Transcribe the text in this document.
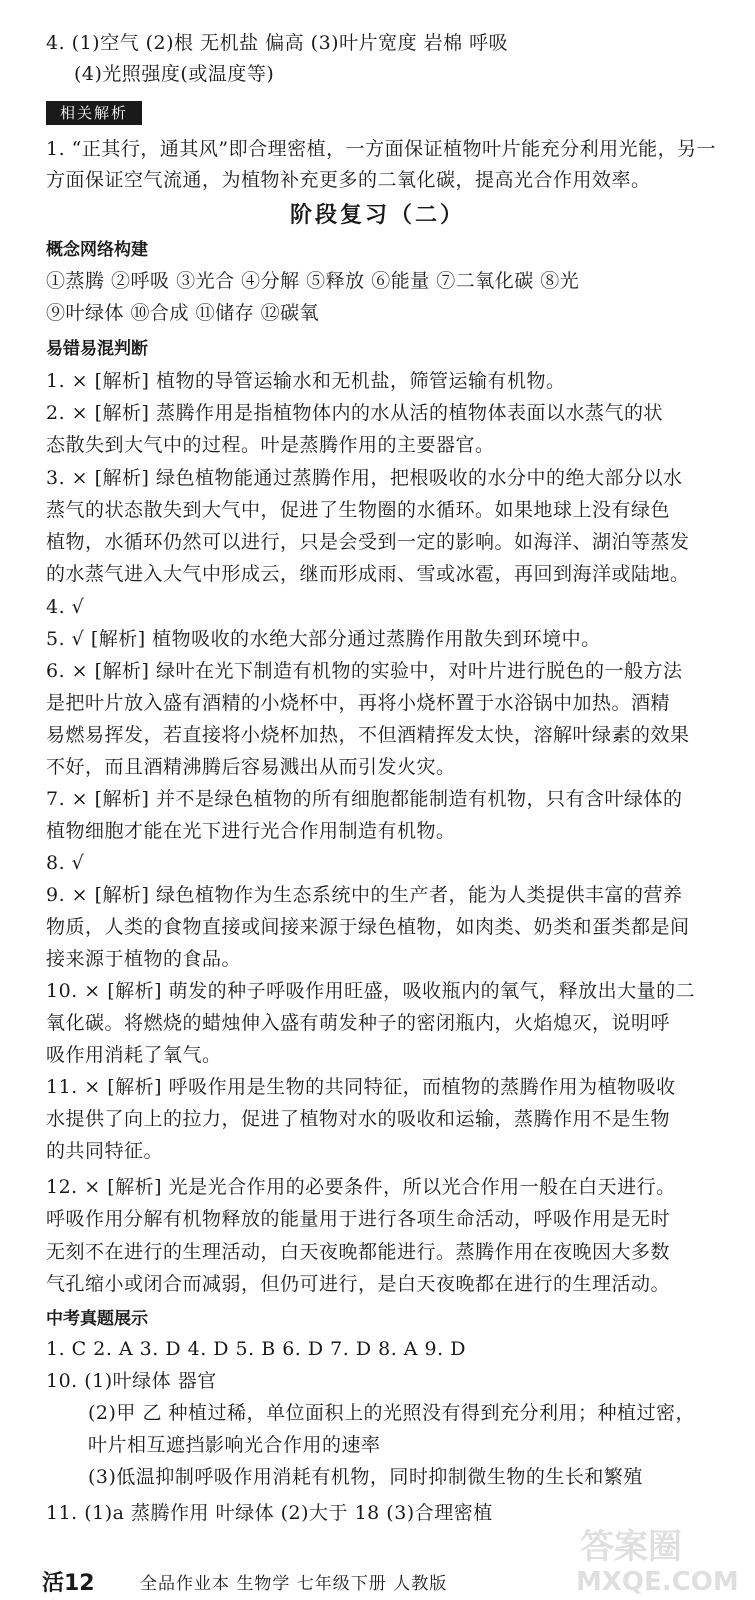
4. (1)空气 (2)根 无机盐 偏高 (3)叶片宽度 岩棉 呼吸
(4)光照强度(或温度等)
相关解析
1. “正其行，通其风”即合理密植，一方面保证植物叶片能充分利用光能，另一
方面保证空气流通，为植物补充更多的二氧化碳，提高光合作用效率。
阶段复习（二）
概念网络构建
①蒸腾 ②呼吸 ③光合 ④分解 ⑤释放 ⑥能量 ⑦二氧化碳 ⑧光
⑨叶绿体 ⑩合成 ⑪储存 ⑫碳氧
易错易混判断
1. × [解析] 植物的导管运输水和无机盐，筛管运输有机物。
2. × [解析] 蒸腾作用是指植物体内的水从活的植物体表面以水蒸气的状
态散失到大气中的过程。叶是蒸腾作用的主要器官。
3. × [解析] 绿色植物能通过蒸腾作用，把根吸收的水分中的绝大部分以水
蒸气的状态散失到大气中，促进了生物圈的水循环。如果地球上没有绿色
植物，水循环仍然可以进行，只是会受到一定的影响。如海洋、湖泊等蒸发
的水蒸气进入大气中形成云，继而形成雨、雪或冰雹，再回到海洋或陆地。
4. √
5. √ [解析] 植物吸收的水绝大部分通过蒸腾作用散失到环境中。
6. × [解析] 绿叶在光下制造有机物的实验中，对叶片进行脱色的一般方法
是把叶片放入盛有酒精的小烧杯中，再将小烧杯置于水浴锅中加热。酒精
易燃易挥发，若直接将小烧杯加热，不但酒精挥发太快，溶解叶绿素的效果
不好，而且酒精沸腾后容易溅出从而引发火灾。
7. × [解析] 并不是绿色植物的所有细胞都能制造有机物，只有含叶绿体的
植物细胞才能在光下进行光合作用制造有机物。
8. √
9. × [解析] 绿色植物作为生态系统中的生产者，能为人类提供丰富的营养
物质，人类的食物直接或间接来源于绿色植物，如肉类、奶类和蛋类都是间
接来源于植物的食品。
10. × [解析] 萌发的种子呼吸作用旺盛，吸收瓶内的氧气，释放出大量的二
氧化碳。将燃烧的蜡烛伸入盛有萌发种子的密闭瓶内，火焰熄灭，说明呼
吸作用消耗了氧气。
11. × [解析] 呼吸作用是生物的共同特征，而植物的蒸腾作用为植物吸收
水提供了向上的拉力，促进了植物对水的吸收和运输，蒸腾作用不是生物
的共同特征。
12. × [解析] 光是光合作用的必要条件，所以光合作用一般在白天进行。
呼吸作用分解有机物释放的能量用于进行各项生命活动，呼吸作用是无时
无刻不在进行的生理活动，白天夜晚都能进行。蒸腾作用在夜晚因大多数
气孔缩小或闭合而减弱，但仍可进行，是白天夜晚都在进行的生理活动。
中考真题展示
1. C 2. A 3. D 4. D 5. B 6. D 7. D 8. A 9. D
10. (1)叶绿体 器官
(2)甲 乙 种植过稀，单位面积上的光照没有得到充分利用；种植过密，
叶片相互遮挡影响光合作用的速率
(3)低温抑制呼吸作用消耗有机物，同时抑制微生物的生长和繁殖
11. (1)a 蒸腾作用 叶绿体 (2)大于 18 (3)合理密植
活12	全品作业本 生物学 七年级下册 人教版
答案圈
MXQE.COM
